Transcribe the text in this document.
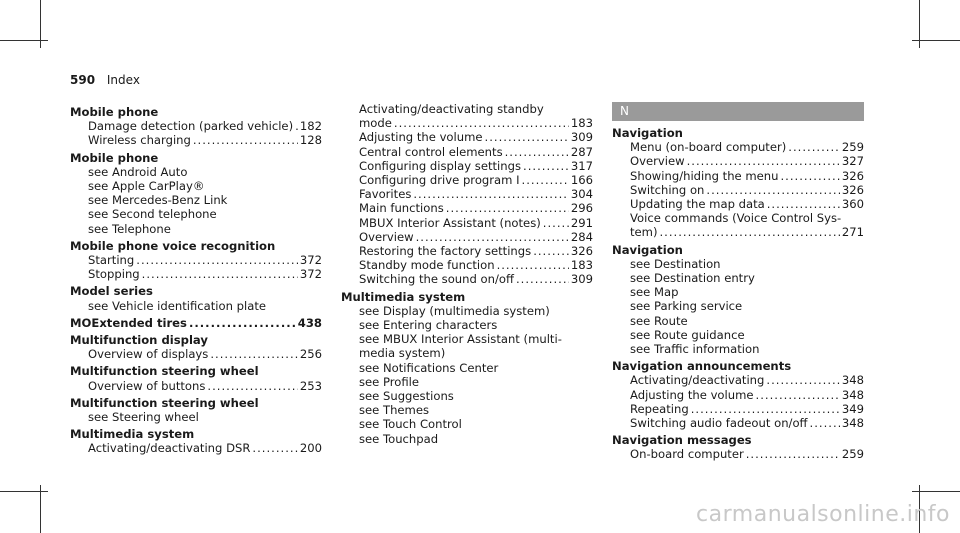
590 Index
Mobile phone
Damage detection (parked vehicle) ..... 182
Wireless charging .....	128
Mobile phone
see Android Auto
see Apple CarPlay®
see Mercedes-Benz Link
see Second telephone
see Telephone
Mobile phone voice recognition
Starting .....	372
Stopping .....	372
Model series
see Vehicle identification plate
MOExtended tires .....	438
Multifunction display
Overview of displays .....	256
Multifunction steering wheel
Overview of buttons .....	253
Multifunction steering wheel
see Steering wheel
Multimedia system
Activating/deactivating DSR .....	200
Activating/deactivating standby
mode .....	183
Adjusting the volume .....	309
Central control elements .....	287
Configuring display settings .....	317
Configuring drive program I .....	166
Favorites .....	304
Main functions .....	296
MBUX Interior Assistant (notes) .....	291
Overview .....	284
Restoring the factory settings .....	326
Standby mode function .....	183
Switching the sound on/off .....	309
Multimedia system
see Display (multimedia system)
see Entering characters
see MBUX Interior Assistant (multi-
media system)
see Notifications Center
see Profile
see Suggestions
see Themes
see Touch Control
see Touchpad
N
Navigation
Menu (on-board computer) .....	259
Overview .....	327
Showing/hiding the menu .....	326
Switching on .....	326
Updating the map data .....	360
Voice commands (Voice Control Sys-
tem) .....	271
Navigation
see Destination
see Destination entry
see Map
see Parking service
see Route
see Route guidance
see Traffic information
Navigation announcements
Activating/deactivating .....	348
Adjusting the volume .....	348
Repeating .....	349
Switching audio fadeout on/off .....	348
Navigation messages
On-board computer .....	259
carmanualsonline.info
